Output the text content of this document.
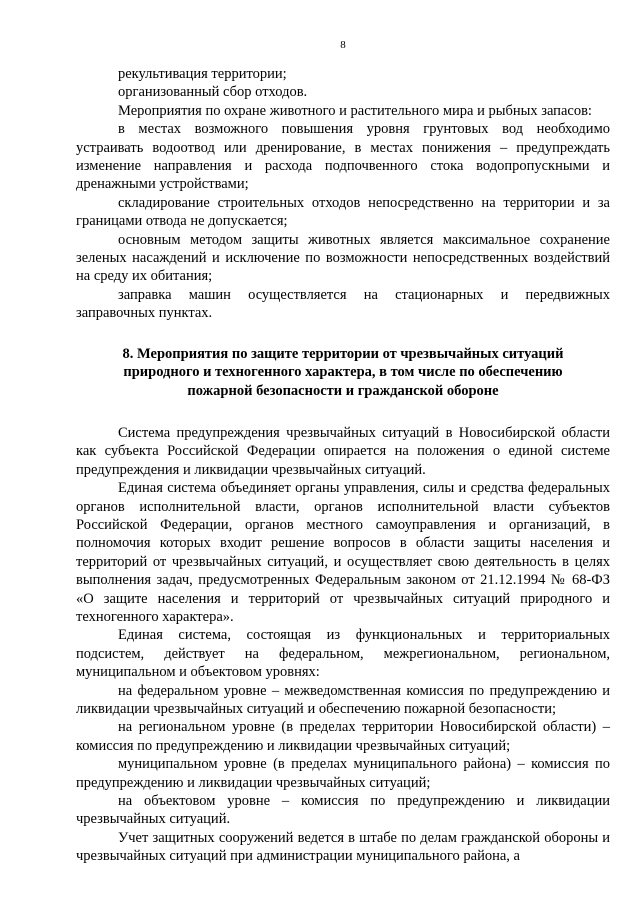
8

рекультивация территории;

организованный сбор отходов.

Мероприятия по охране животного и растительного мира и рыбных запасов:

в местах возможного повышения уровня грунтовых вод необходимо устраивать водоотвод или дренирование, в местах понижения – предупреждать изменение направления и расхода подпочвенного стока водопропускными и дренажными устройствами;

складирование строительных отходов непосредственно на территории и за границами отвода не допускается;

основным методом защиты животных является максимальное сохранение зеленых насаждений и исключение по возможности непосредственных воздействий на среду их обитания;

заправка машин осуществляется на стационарных и передвижных заправочных пунктах.

8. Мероприятия по защите территории от чрезвычайных ситуаций природного и техногенного характера, в том числе по обеспечению пожарной безопасности и гражданской обороне

Система предупреждения чрезвычайных ситуаций в Новосибирской области как субъекта Российской Федерации опирается на положения о единой системе предупреждения и ликвидации чрезвычайных ситуаций.

Единая система объединяет органы управления, силы и средства федеральных органов исполнительной власти, органов исполнительной власти субъектов Российской Федерации, органов местного самоуправления и организаций, в полномочия которых входит решение вопросов в области защиты населения и территорий от чрезвычайных ситуаций, и осуществляет свою деятельность в целях выполнения задач, предусмотренных Федеральным законом от 21.12.1994 № 68-ФЗ «О защите населения и территорий от чрезвычайных ситуаций природного и техногенного характера».

Единая система, состоящая из функциональных и территориальных подсистем, действует на федеральном, межрегиональном, региональном, муниципальном и объектовом уровнях:

на федеральном уровне – межведомственная комиссия по предупреждению и ликвидации чрезвычайных ситуаций и обеспечению пожарной безопасности;

на региональном уровне (в пределах территории Новосибирской области) – комиссия по предупреждению и ликвидации чрезвычайных ситуаций;

муниципальном уровне (в пределах муниципального района) – комиссия по предупреждению и ликвидации чрезвычайных ситуаций;

на объектовом уровне – комиссия по предупреждению и ликвидации чрезвычайных ситуаций.

Учет защитных сооружений ведется в штабе по делам гражданской обороны и чрезвычайных ситуаций при администрации муниципального района, а
